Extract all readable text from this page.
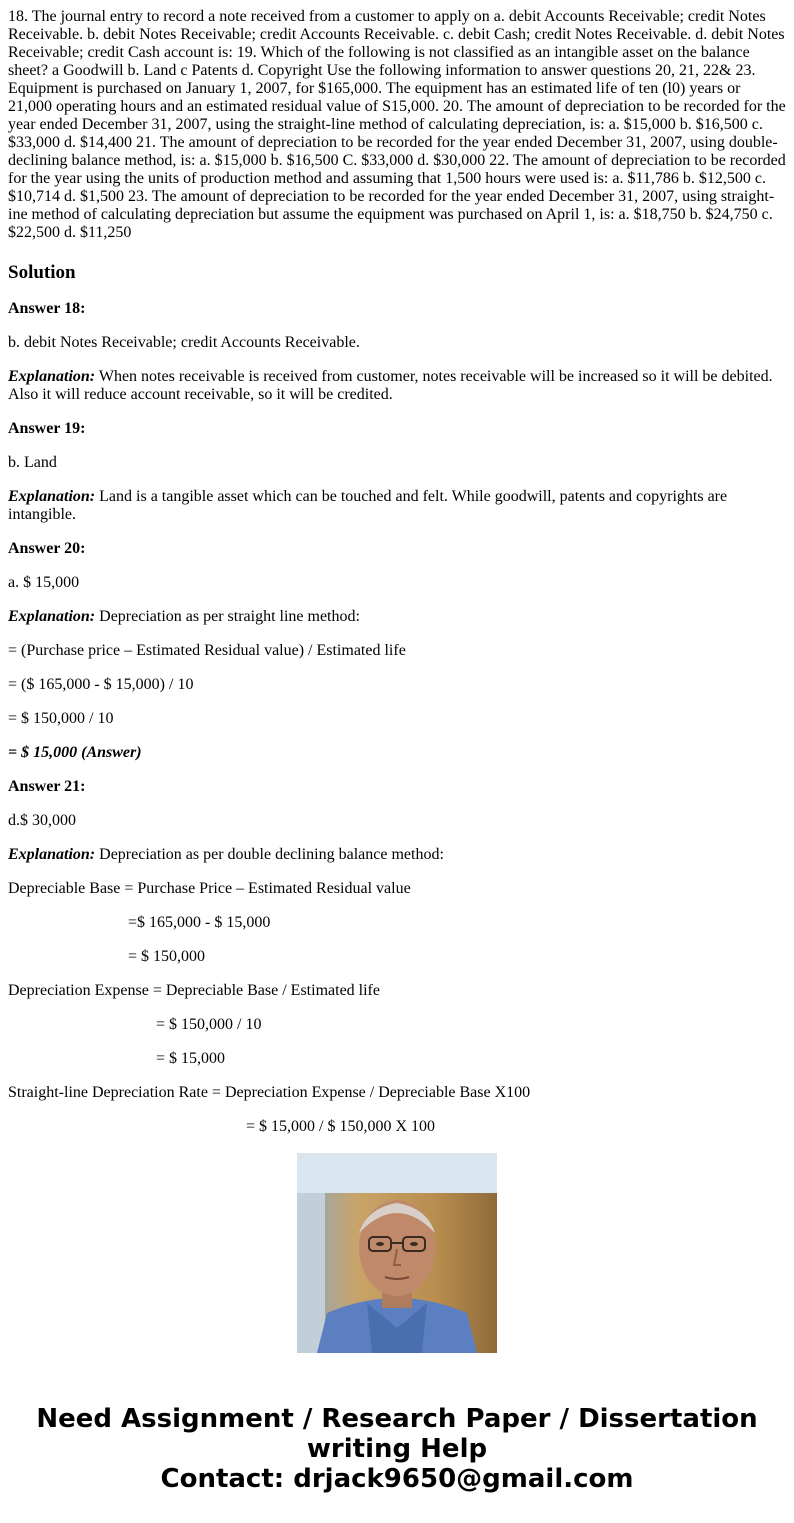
18. The journal entry to record a note received from a customer to apply on a. debit Accounts Receivable; credit Notes Receivable. b. debit Notes Receivable; credit Accounts Receivable. c. debit Cash; credit Notes Receivable. d. debit Notes Receivable; credit Cash account is: 19. Which of the following is not classified as an intangible asset on the balance sheet? a Goodwill b. Land c Patents d. Copyright Use the following information to answer questions 20, 21, 22& 23. Equipment is purchased on January 1, 2007, for $165,000. The equipment has an estimated life of ten (l0) years or 21,000 operating hours and an estimated residual value of S15,000. 20. The amount of depreciation to be recorded for the year ended December 31, 2007, using the straight-line method of calculating depreciation, is: a. $15,000 b. $16,500 c. $33,000 d. $14,400 21. The amount of depreciation to be recorded for the year ended December 31, 2007, using double-declining balance method, is: a. $15,000 b. $16,500 C. $33,000 d. $30,000 22. The amount of depreciation to be recorded for the year using the units of production method and assuming that 1,500 hours were used is: a. $11,786 b. $12,500 c. $10,714 d. $1,500 23. The amount of depreciation to be recorded for the year ended December 31, 2007, using straight-ine method of calculating depreciation but assume the equipment was purchased on April 1, is: a. $18,750 b. $24,750 c. $22,500 d. $11,250
Solution

Answer 18:

b. debit Notes Receivable; credit Accounts Receivable.

Explanation: When notes receivable is received from customer, notes receivable will be increased so it will be debited. Also it will reduce account receivable, so it will be credited.

Answer 19:

b. Land

Explanation: Land is a tangible asset which can be touched and felt. While goodwill, patents and copyrights are intangible.

Answer 20:

a. $ 15,000

Explanation: Depreciation as per straight line method:

= (Purchase price – Estimated Residual value) / Estimated life

= ($ 165,000 - $ 15,000) / 10

= $ 150,000 / 10

= $ 15,000 (Answer)

Answer 21:

d.$ 30,000

Explanation: Depreciation as per double declining balance method:

Depreciable Base = Purchase Price – Estimated Residual value

=$ 165,000 - $ 15,000

= $ 150,000

Depreciation Expense = Depreciable Base / Estimated life

= $ 150,000 / 10

= $ 15,000

Straight-line Depreciation Rate = Depreciation Expense / Depreciable Base X100

= $ 15,000 / $ 150,000 X 100

Need Assignment / Research Paper / Dissertation
writing Help
Contact: drjack9650@gmail.com
